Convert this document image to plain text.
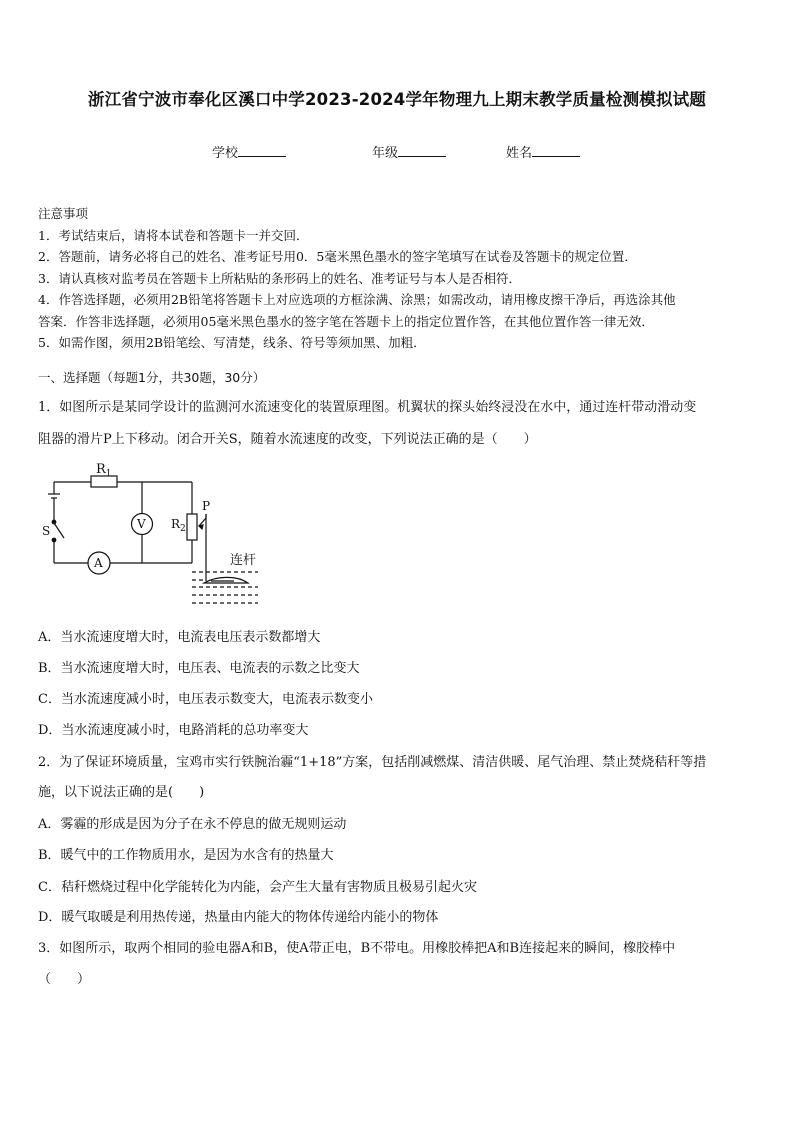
浙江省宁波市奉化区溪口中学2023-2024学年物理九上期末教学质量检测模拟试题
学校	年级	姓名

注意事项

1．考试结束后，请将本试卷和答题卡一并交回．

2．答题前，请务必将自己的姓名、准考证号用0．5毫米黑色墨水的签字笔填写在试卷及答题卡的规定位置．

3．请认真核对监考员在答题卡上所粘贴的条形码上的姓名、准考证号与本人是否相符．

4．作答选择题，必须用2B铅笔将答题卡上对应选项的方框涂满、涂黑；如需改动，请用橡皮擦干净后，再选涂其他

答案．作答非选择题，必须用05毫米黑色墨水的签字笔在答题卡上的指定位置作答，在其他位置作答一律无效．

5．如需作图，须用2B铅笔绘、写清楚，线条、符号等须加黑、加粗．

一、选择题（每题1分，共30题，30分）
1．如图所示是某同学设计的监测河水流速变化的装置原理图。机翼状的探头始终浸没在水中，通过连杆带动滑动变
阻器的滑片P上下移动。闭合开关S，随着水流速度的改变，下列说法正确的是（　　）
$R_1$
$R_2$
P
S	V
A	连杆
A．当水流速度增大时，电流表电压表示数都增大
B．当水流速度增大时，电压表、电流表的示数之比变大
C．当水流速度减小时，电压表示数变大，电流表示数变小
D．当水流速度减小时，电路消耗的总功率变大
2．为了保证环境质量，宝鸡市实行铁腕治霾“1+18”方案，包括削减燃煤、清洁供暖、尾气治理、禁止焚烧秸秆等措
施，以下说法正确的是(　　)
A．雾霾的形成是因为分子在永不停息的做无规则运动
B．暖气中的工作物质用水，是因为水含有的热量大
C．秸秆燃烧过程中化学能转化为内能，会产生大量有害物质且极易引起火灾
D．暖气取暖是利用热传递，热量由内能大的物体传递给内能小的物体
3．如图所示，取两个相同的验电器A和B，使A带正电，B不带电。用橡胶棒把A和B连接起来的瞬间，橡胶棒中
（　　）
